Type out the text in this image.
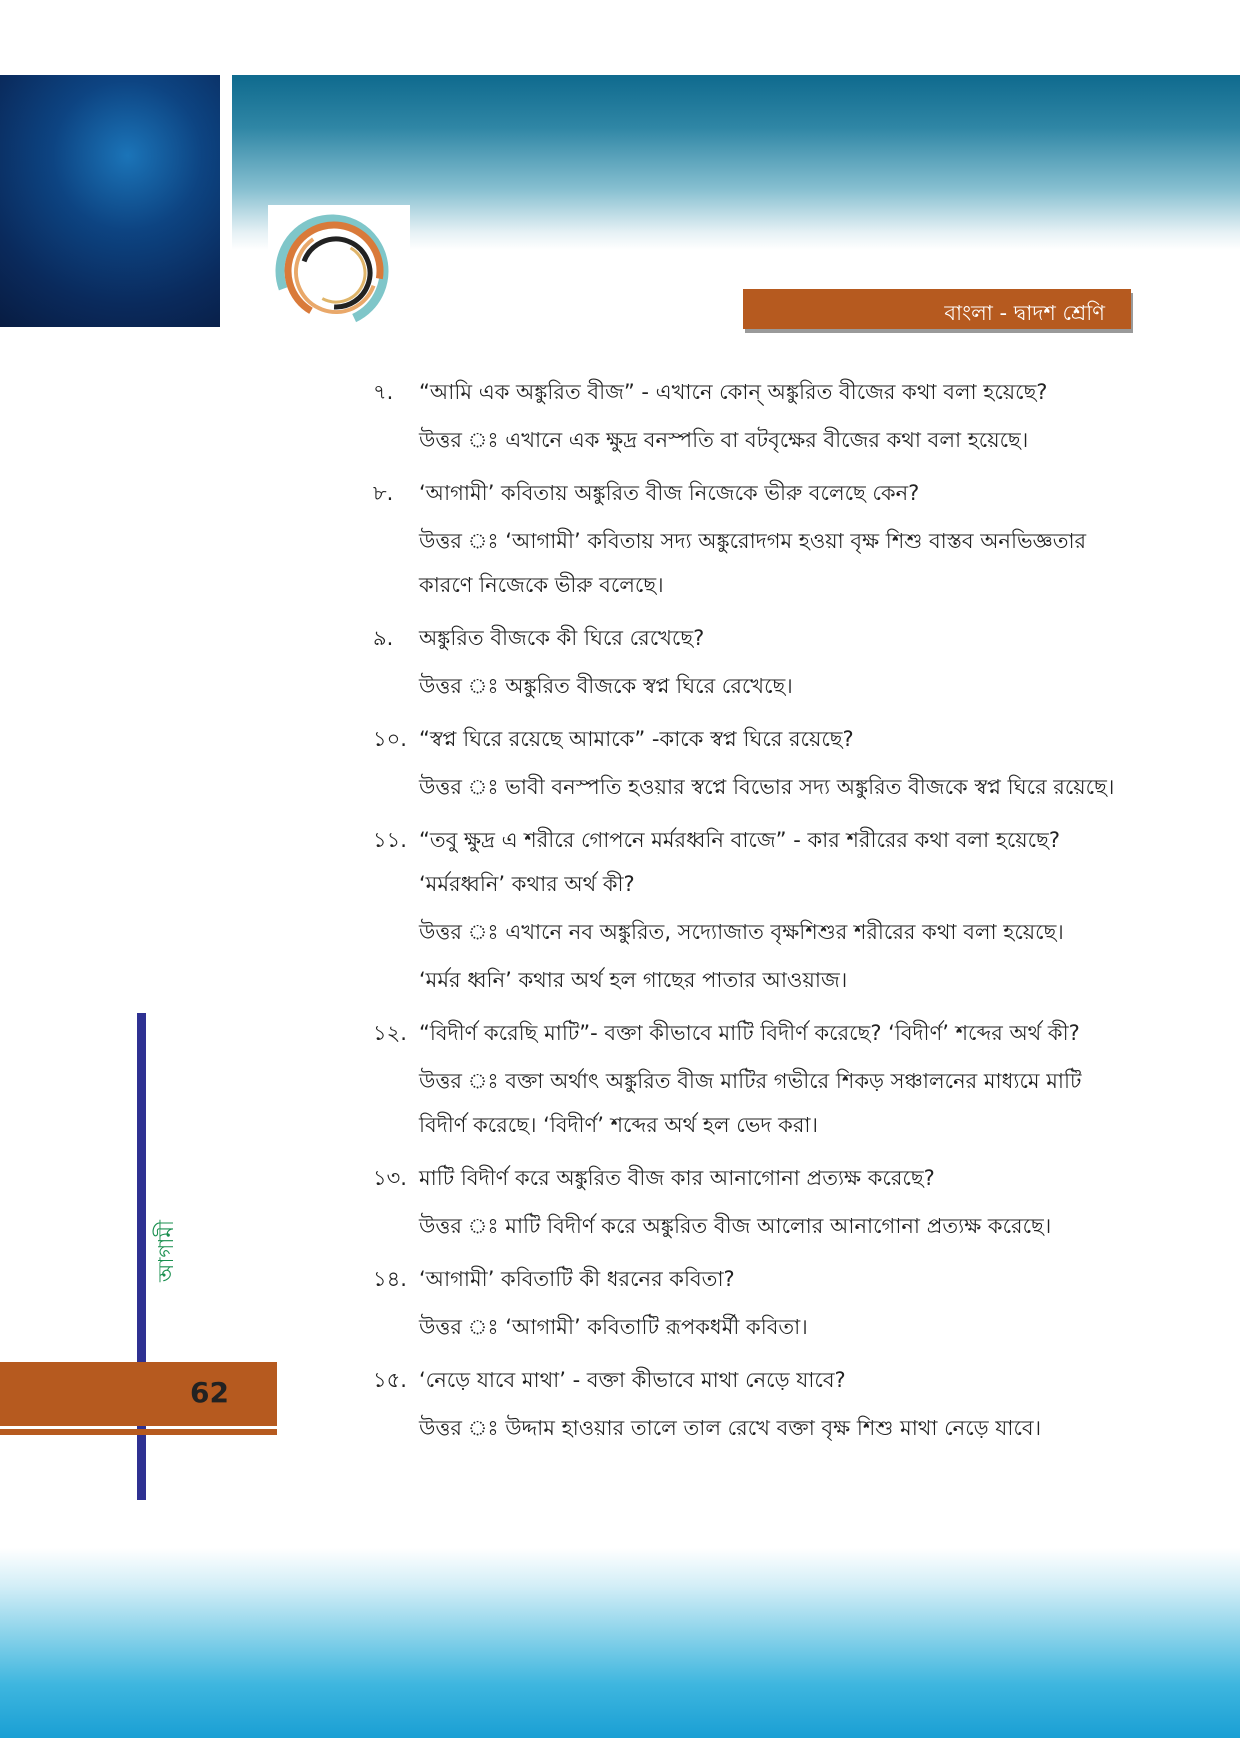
বাংলা - দ্বাদশ শ্রেণি
আগামী
62
৭. “আমি এক অঙ্কুরিত বীজ” - এখানে কোন্ অঙ্কুরিত বীজের কথা বলা হয়েছে?
উত্তর ঃ এখানে এক ক্ষুদ্র বনস্পতি বা বটবৃক্ষের বীজের কথা বলা হয়েছে।
৮. ‘আগামী’ কবিতায় অঙ্কুরিত বীজ নিজেকে ভীরু বলেছে কেন?
উত্তর ঃ ‘আগামী’ কবিতায় সদ্য অঙ্কুরোদগম হওয়া বৃক্ষ শিশু বাস্তব অনভিজ্ঞতার কারণে নিজেকে ভীরু বলেছে।
৯. অঙ্কুরিত বীজকে কী ঘিরে রেখেছে?
উত্তর ঃ অঙ্কুরিত বীজকে স্বপ্ন ঘিরে রেখেছে।
১০. “স্বপ্ন ঘিরে রয়েছে আমাকে” -কাকে স্বপ্ন ঘিরে রয়েছে?
উত্তর ঃ ভাবী বনস্পতি হওয়ার স্বপ্নে বিভোর সদ্য অঙ্কুরিত বীজকে স্বপ্ন ঘিরে রয়েছে।
১১. “তবু ক্ষুদ্র এ শরীরে গোপনে মর্মরধ্বনি বাজে” - কার শরীরের কথা বলা হয়েছে? ‘মর্মরধ্বনি’ কথার অর্থ কী?
উত্তর ঃ এখানে নব অঙ্কুরিত, সদ্যোজাত বৃক্ষশিশুর শরীরের কথা বলা হয়েছে।
‘মর্মর ধ্বনি’ কথার অর্থ হল গাছের পাতার আওয়াজ।
১২. “বিদীর্ণ করেছি মাটি”- বক্তা কীভাবে মাটি বিদীর্ণ করেছে? ‘বিদীর্ণ’ শব্দের অর্থ কী?
উত্তর ঃ বক্তা অর্থাৎ অঙ্কুরিত বীজ মাটির গভীরে শিকড় সঞ্চালনের মাধ্যমে মাটি বিদীর্ণ করেছে। ‘বিদীর্ণ’ শব্দের অর্থ হল ভেদ করা।
১৩. মাটি বিদীর্ণ করে অঙ্কুরিত বীজ কার আনাগোনা প্রত্যক্ষ করেছে?
উত্তর ঃ মাটি বিদীর্ণ করে অঙ্কুরিত বীজ আলোর আনাগোনা প্রত্যক্ষ করেছে।
১৪. ‘আগামী’ কবিতাটি কী ধরনের কবিতা?
উত্তর ঃ ‘আগামী’ কবিতাটি রূপকধর্মী কবিতা।
১৫. ‘নেড়ে যাবে মাথা’ - বক্তা কীভাবে মাথা নেড়ে যাবে?
উত্তর ঃ উদ্দাম হাওয়ার তালে তাল রেখে বক্তা বৃক্ষ শিশু মাথা নেড়ে যাবে।
